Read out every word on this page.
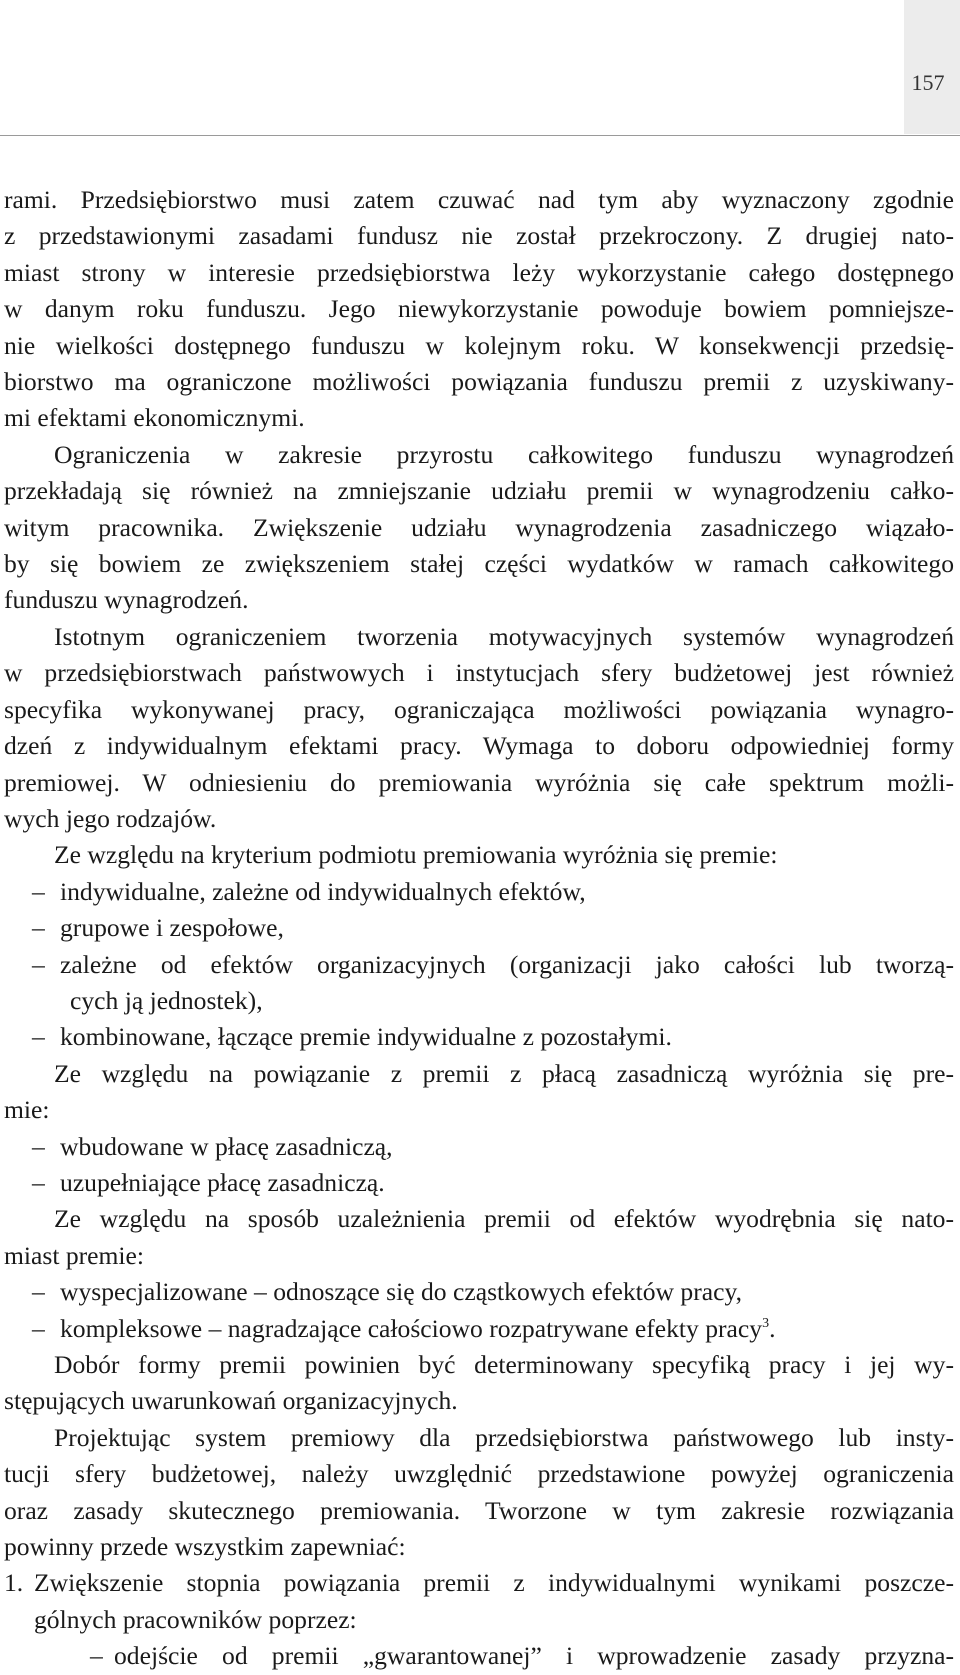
157

rami. Przedsiębiorstwo musi zatem czuwać nad tym aby wyznaczony zgodnie
z przedstawionymi zasadami fundusz nie został przekroczony. Z drugiej nato-
miast strony w interesie przedsiębiorstwa leży wykorzystanie całego dostępnego
w danym roku funduszu. Jego niewykorzystanie powoduje bowiem pomniejsze-
nie wielkości dostępnego funduszu w kolejnym roku. W konsekwencji przedsię-
biorstwo ma ograniczone możliwości powiązania funduszu premii z uzyskiwany-
mi efektami ekonomicznymi.

Ograniczenia w zakresie przyrostu całkowitego funduszu wynagrodzeń
przekładają się również na zmniejszanie udziału premii w wynagrodzeniu całko-
witym pracownika. Zwiększenie udziału wynagrodzenia zasadniczego wiązało-
by się bowiem ze zwiększeniem stałej części wydatków w ramach całkowitego
funduszu wynagrodzeń.

Istotnym ograniczeniem tworzenia motywacyjnych systemów wynagrodzeń
w przedsiębiorstwach państwowych i instytucjach sfery budżetowej jest również
specyfika wykonywanej pracy, ograniczająca możliwości powiązania wynagro-
dzeń z indywidualnym efektami pracy. Wymaga to doboru odpowiedniej formy
premiowej. W odniesieniu do premiowania wyróżnia się całe spektrum możli-
wych jego rodzajów.

Ze względu na kryterium podmiotu premiowania wyróżnia się premie:

– indywidualne, zależne od indywidualnych efektów,
– grupowe i zespołowe,
– zależne od efektów organizacyjnych (organizacji jako całości lub tworzą-
cych ją jednostek),
– kombinowane, łączące premie indywidualne z pozostałymi.

Ze względu na powiązanie z premii z płacą zasadniczą wyróżnia się pre-
mie:

– wbudowane w płacę zasadniczą,
– uzupełniające płacę zasadniczą.

Ze względu na sposób uzależnienia premii od efektów wyodrębnia się nato-
miast premie:

– wyspecjalizowane – odnoszące się do cząstkowych efektów pracy,
– kompleksowe – nagradzające całościowo rozpatrywane efekty pracy$^3$.

Dobór formy premii powinien być determinowany specyfiką pracy i jej wy-
stępujących uwarunkowań organizacyjnych.

Projektując system premiowy dla przedsiębiorstwa państwowego lub insty-
tucji sfery budżetowej, należy uwzględnić przedstawione powyżej ograniczenia
oraz zasady skutecznego premiowania. Tworzone w tym zakresie rozwiązania
powinny przede wszystkim zapewniać:

1. Zwiększenie stopnia powiązania premii z indywidualnymi wynikami poszcze-
gólnych pracowników poprzez:
– odejście od premii „gwarantowanej” i wprowadzenie zasady przyzna-
